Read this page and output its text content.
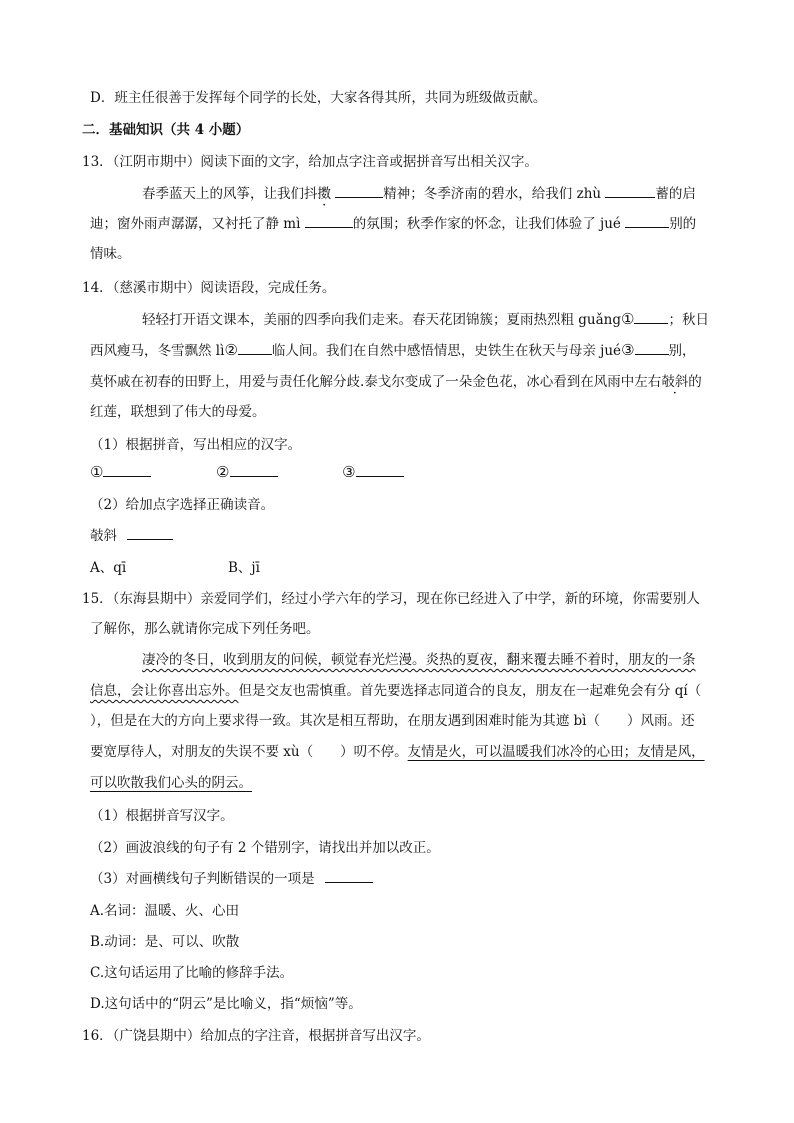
D．班主任很善于发挥每个同学的长处，大家各得其所，共同为班级做贡献。
二．基础知识（共 4 小题）
13．（江阴市期中）阅读下面的文字，给加点字注音或据拼音写出相关汉字。
春季蓝天上的风筝，让我们抖擞	精神；冬季济南的碧水，给我们 zhù	蓄的启
迪；窗外雨声潺潺，又衬托了静 mì	的氛围；秋季作家的怀念，让我们体验了 jué	别的
情味。
14．（慈溪市期中）阅读语段，完成任务。
轻轻打开语文课本，美丽的四季向我们走来。春天花团锦簇；夏雨热烈粗 guǎng①	；秋日
西风瘦马，冬雪飘然 lì②	临人间。我们在自然中感悟情思，史铁生在秋天与母亲 jué③	别，
莫怀戚在初春的田野上，用爱与责任化解分歧.泰戈尔变成了一朵金色花，冰心看到在风雨中左右攲斜的
红莲，联想到了伟大的母爱。
（1）根据拼音，写出相应的汉字。
①	②	③
（2）给加点字选择正确读音。
攲斜
A、qī	B、jī
15．（东海县期中）亲爱同学们，经过小学六年的学习，现在你已经进入了中学，新的环境，你需要别人
了解你，那么就请你完成下列任务吧。
凄冷的冬日，收到朋友的问候，顿觉春光烂漫。炎热的夏夜，翻来覆去睡不着时，朋友的一条
信息，会让你喜出忘外。但是交友也需慎重。首先要选择志同道合的良友，朋友在一起难免会有分 qí（
），但是在大的方向上要求得一致。其次是相互帮助，在朋友遇到困难时能为其遮 bì（　　）风雨。还
要宽厚待人，对朋友的失误不要 xù（　　）叨不停。友情是火，可以温暖我们冰冷的心田；友情是风，
可以吹散我们心头的阴云。
（1）根据拼音写汉字。
（2）画波浪线的句子有 2 个错别字，请找出并加以改正。
（3）对画横线句子判断错误的一项是
A.名词：温暖、火、心田
B.动词：是、可以、吹散
C.这句话运用了比喻的修辞手法。
D.这句话中的“阴云”是比喻义，指“烦恼”等。
16．（广饶县期中）给加点的字注音，根据拼音写出汉字。
